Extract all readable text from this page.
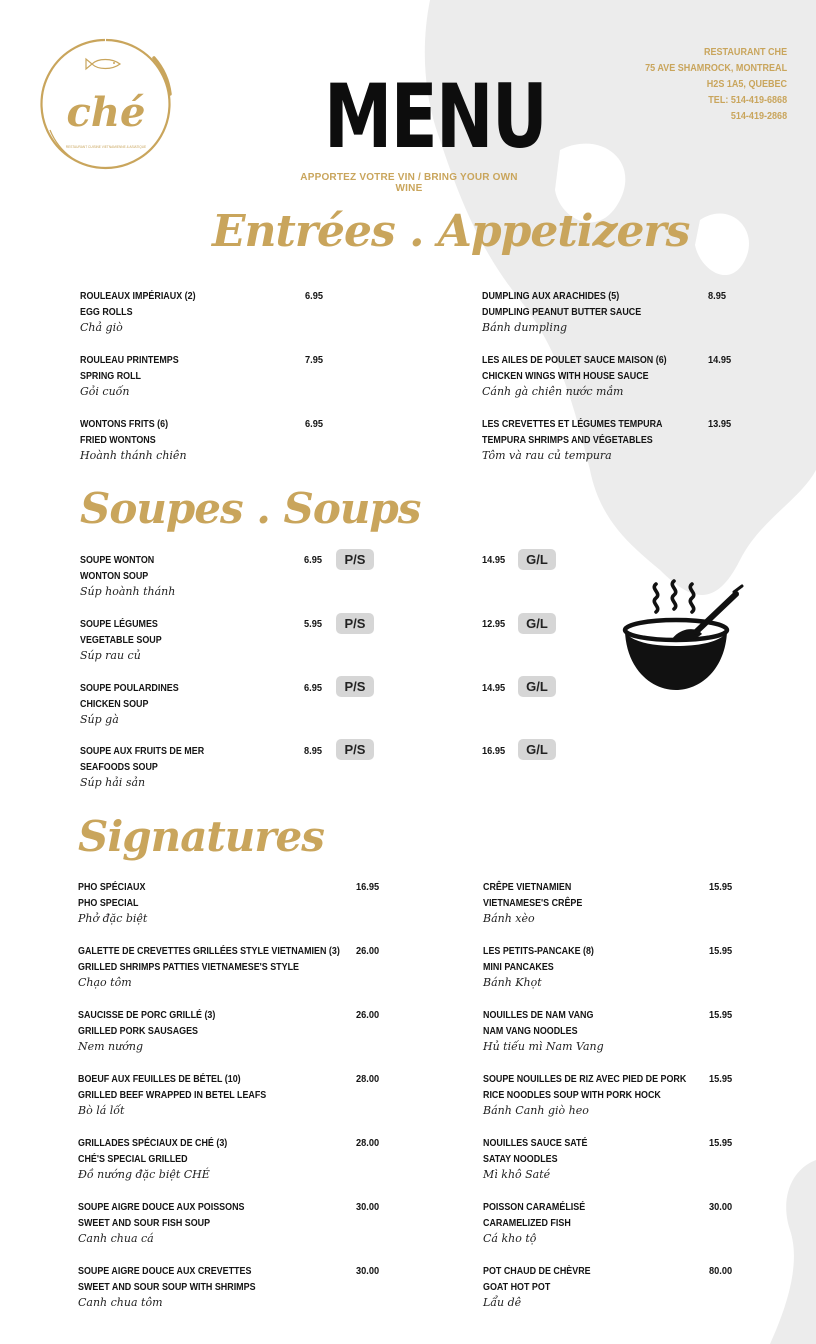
ché
RESTAURANT CUISINE VIETNAMIENNE & ASIATIQUE MENU
APPORTEZ VOTRE VIN / BRING YOUR OWN WINE
RESTAURANT CHE
75 AVE SHAMROCK, MONTREAL
H2S 1A5, QUEBEC
TEL: 514-419-6868
514-419-2868
Entrées . Appetizers
ROULEAUX IMPÉRIAUX (2)
EGG ROLLS
Chả giò
6.95
ROULEAU PRINTEMPS
SPRING ROLL
Gỏi cuốn
7.95
WONTONS FRITS (6)
FRIED WONTONS
Hoành thánh chiên
6.95
DUMPLING AUX ARACHIDES (5)
DUMPLING PEANUT BUTTER SAUCE
Bánh dumpling
8.95
LES AILES DE POULET SAUCE MAISON (6)
CHICKEN WINGS WITH HOUSE SAUCE
Cánh gà chiên nước mắm
14.95
LES CREVETTES ET LÉGUMES TEMPURA
TEMPURA SHRIMPS AND VÉGETABLES
Tôm và rau củ tempura
13.95
Soupes . Soups
SOUPE WONTON
WONTON SOUP
Súp hoành thánh
6.95	P/S	14.95	G/L
SOUPE LÉGUMES
VEGETABLE SOUP
Súp rau củ
5.95	P/S	12.95	G/L
SOUPE POULARDINES
CHICKEN SOUP
Súp gà
6.95	P/S	14.95	G/L
SOUPE AUX FRUITS DE MER
SEAFOODS SOUP
Súp hải sản
8.95	P/S	16.95	G/L
Signatures
PHO SPÉCIAUX
PHO SPECIAL
Phở đặc biệt
16.95
GALETTE DE CREVETTES GRILLÉES STYLE VIETNAMIEN (3)
GRILLED SHRIMPS PATTIES VIETNAMESE'S STYLE
Chạo tôm
26.00
SAUCISSE DE PORC GRILLÉ (3)
GRILLED PORK SAUSAGES
Nem nướng
26.00
BOEUF AUX FEUILLES DE BÉTEL (10)
GRILLED BEEF WRAPPED IN BETEL LEAFS
Bò lá lốt
28.00
GRILLADES SPÉCIAUX DE CHÉ (3)
CHÉ'S SPECIAL GRILLED
Đồ nướng đặc biệt CHÉ
28.00
SOUPE AIGRE DOUCE AUX POISSONS
SWEET AND SOUR FISH SOUP
Canh chua cá
30.00
SOUPE AIGRE DOUCE AUX CREVETTES
SWEET AND SOUR SOUP WITH SHRIMPS
Canh chua tôm
30.00
CRÊPE VIETNAMIEN
VIETNAMESE'S CRÊPE
Bánh xèo
15.95
LES PETITS-PANCAKE (8)
MINI PANCAKES
Bánh Khọt
15.95
NOUILLES DE NAM VANG
NAM VANG NOODLES
Hủ tiếu mì Nam Vang
15.95
SOUPE NOUILLES DE RIZ AVEC PIED DE PORK
RICE NOODLES SOUP WITH PORK HOCK
Bánh Canh giò heo
15.95
NOUILLES SAUCE SATÉ
SATAY NOODLES
Mì khô Saté
15.95
POISSON CARAMÉLISÉ
CARAMELIZED FISH
Cá kho tộ
30.00
POT CHAUD DE CHÈVRE
GOAT HOT POT
Lẩu dê
80.00
